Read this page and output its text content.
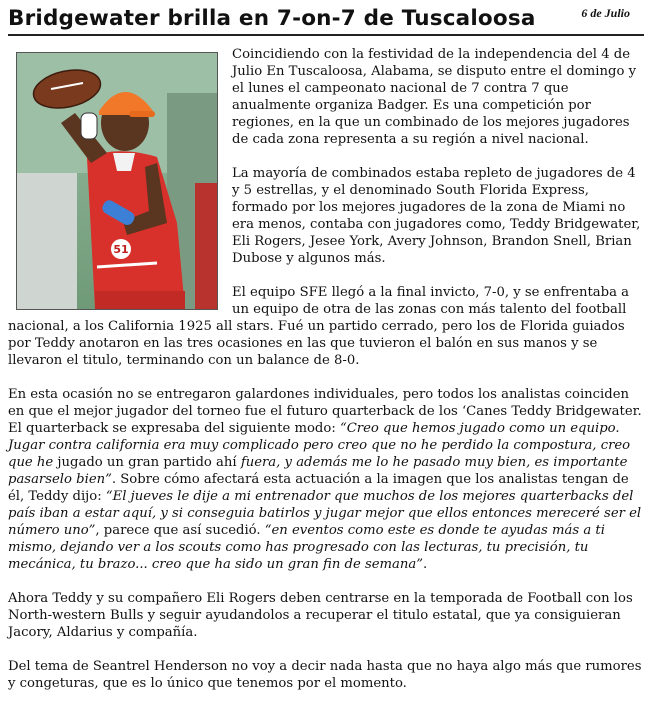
Bridgewater brilla en 7-on-7 de Tuscaloosa	6 de Julio
51

Coincidiendo con la festividad de la independencia del 4 de Julio En Tuscaloosa, Alabama, se disputo entre el domingo y el lunes el campeonato nacional de 7 contra 7 que anualmente organiza Badger. Es una competición por regiones, en la que un combinado de los mejores jugadores de cada zona representa a su región a nivel nacional.

La mayoría de combinados estaba repleto de jugadores de 4 y 5 estrellas, y el denominado South Florida Express, formado por los mejores jugadores de la zona de Miami no era menos, contaba con jugadores como, Teddy Bridgewater, Eli Rogers, Jesee York, Avery Johnson, Brandon Snell, Brian Dubose y algunos más.

El equipo SFE llegó a la final invicto, 7-0, y se enfrentaba a un equipo de otra de las zonas con más talento del football nacional, a los California 1925 all stars. Fué un partido cerrado, pero los de Florida guiados por Teddy anotaron en las tres ocasiones en las que tuvieron el balón en sus manos y se llevaron el titulo, terminando con un balance de 8-0.

En esta ocasión no se entregaron galardones individuales, pero todos los analistas coinciden en que el mejor jugador del torneo fue el futuro quarterback de los ‘Canes Teddy Bridgewater. El quarterback se expresaba del siguiente modo: “Creo que hemos jugado como un equipo. Jugar contra california era muy complicado pero creo que no he perdido la compostura, creo que he jugado un gran partido ahí fuera, y además me lo he pasado muy bien, es importante pasarselo bien”. Sobre cómo afectará esta actuación a la imagen que los analistas tengan de él, Teddy dijo: “El jueves le dije a mi entrenador que muchos de los mejores quarterbacks del país iban a estar aquí, y si conseguia batirlos y jugar mejor que ellos entonces mereceré ser el número uno”, parece que así sucedió. “en eventos como este es donde te ayudas más a ti mismo, dejando ver a los scouts como has progresado con las lecturas, tu precisión, tu mecánica, tu brazo... creo que ha sido un gran fin de semana”.

Ahora Teddy y su compañero Eli Rogers deben centrarse en la temporada de Football con los North-western Bulls y seguir ayudandolos a recuperar el titulo estatal, que ya consiguieran Jacory, Aldarius y compañía.

Del tema de Seantrel Henderson no voy a decir nada hasta que no haya algo más que rumores y congeturas, que es lo único que tenemos por el momento.
